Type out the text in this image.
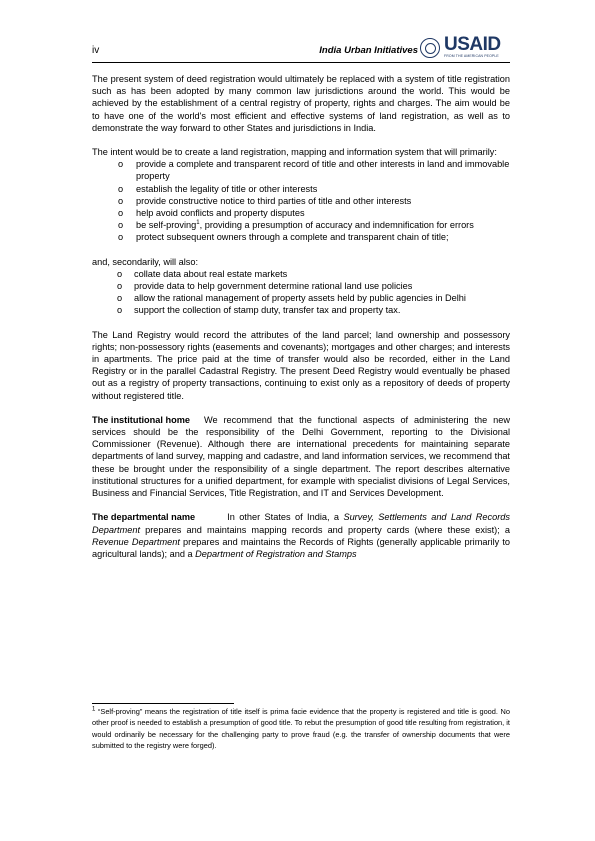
iv	India Urban Initiatives USAID
FROM THE AMERICAN PEOPLE

The present system of deed registration would ultimately be replaced with a system of title registration such as has been adopted by many common law jurisdictions around the world. This would be achieved by the establishment of a central registry of property, rights and charges. The aim would be to have one of the world's most efficient and effective systems of land registration, as well as to demonstrate the way forward to other States and jurisdictions in India.

The intent would be to create a land registration, mapping and information system that will primarily:

o provide a complete and transparent record of title and other interests in land and immovable property
o establish the legality of title or other interests
o provide constructive notice to third parties of title and other interests
o help avoid conflicts and property disputes
o be self-proving$^1$, providing a presumption of accuracy and indemnification for errors
o protect subsequent owners through a complete and transparent chain of title;

and, secondarily, will also:

o collate data about real estate markets
o provide data to help government determine rational land use policies
o allow the rational management of property assets held by public agencies in Delhi
o support the collection of stamp duty, transfer tax and property tax.

The Land Registry would record the attributes of the land parcel; land ownership and possessory rights; non-possessory rights (easements and covenants); mortgages and other charges; and interests in apartments. The price paid at the time of transfer would also be recorded, either in the Land Registry or in the parallel Cadastral Registry. The present Deed Registry would eventually be phased out as a registry of property transactions, continuing to exist only as a repository of deeds of property without registered title.

The institutional home We recommend that the functional aspects of administering the new services should be the responsibility of the Delhi Government, reporting to the Divisional Commissioner (Revenue). Although there are international precedents for maintaining separate departments of land survey, mapping and cadastre, and land information services, we recommend that these be brought under the responsibility of a single department. The report describes alternative institutional structures for a unified department, for example with specialist divisions of Legal Services, Business and Financial Services, Title Registration, and IT and Services Development.

The departmental name	In other States of India, a Survey, Settlements and Land Records Department prepares and maintains mapping records and property cards (where these exist); a Revenue Department prepares and maintains the Records of Rights (generally applicable primarily to agricultural lands); and a Department of Registration and Stamps

$^1$ “Self-proving” means the registration of title itself is prima facie evidence that the property is registered and title is good. No other proof is needed to establish a presumption of good title. To rebut the presumption of good title resulting from registration, it would ordinarily be necessary for the challenging party to prove fraud (e.g. the transfer of ownership documents that were submitted to the registry were forged).
